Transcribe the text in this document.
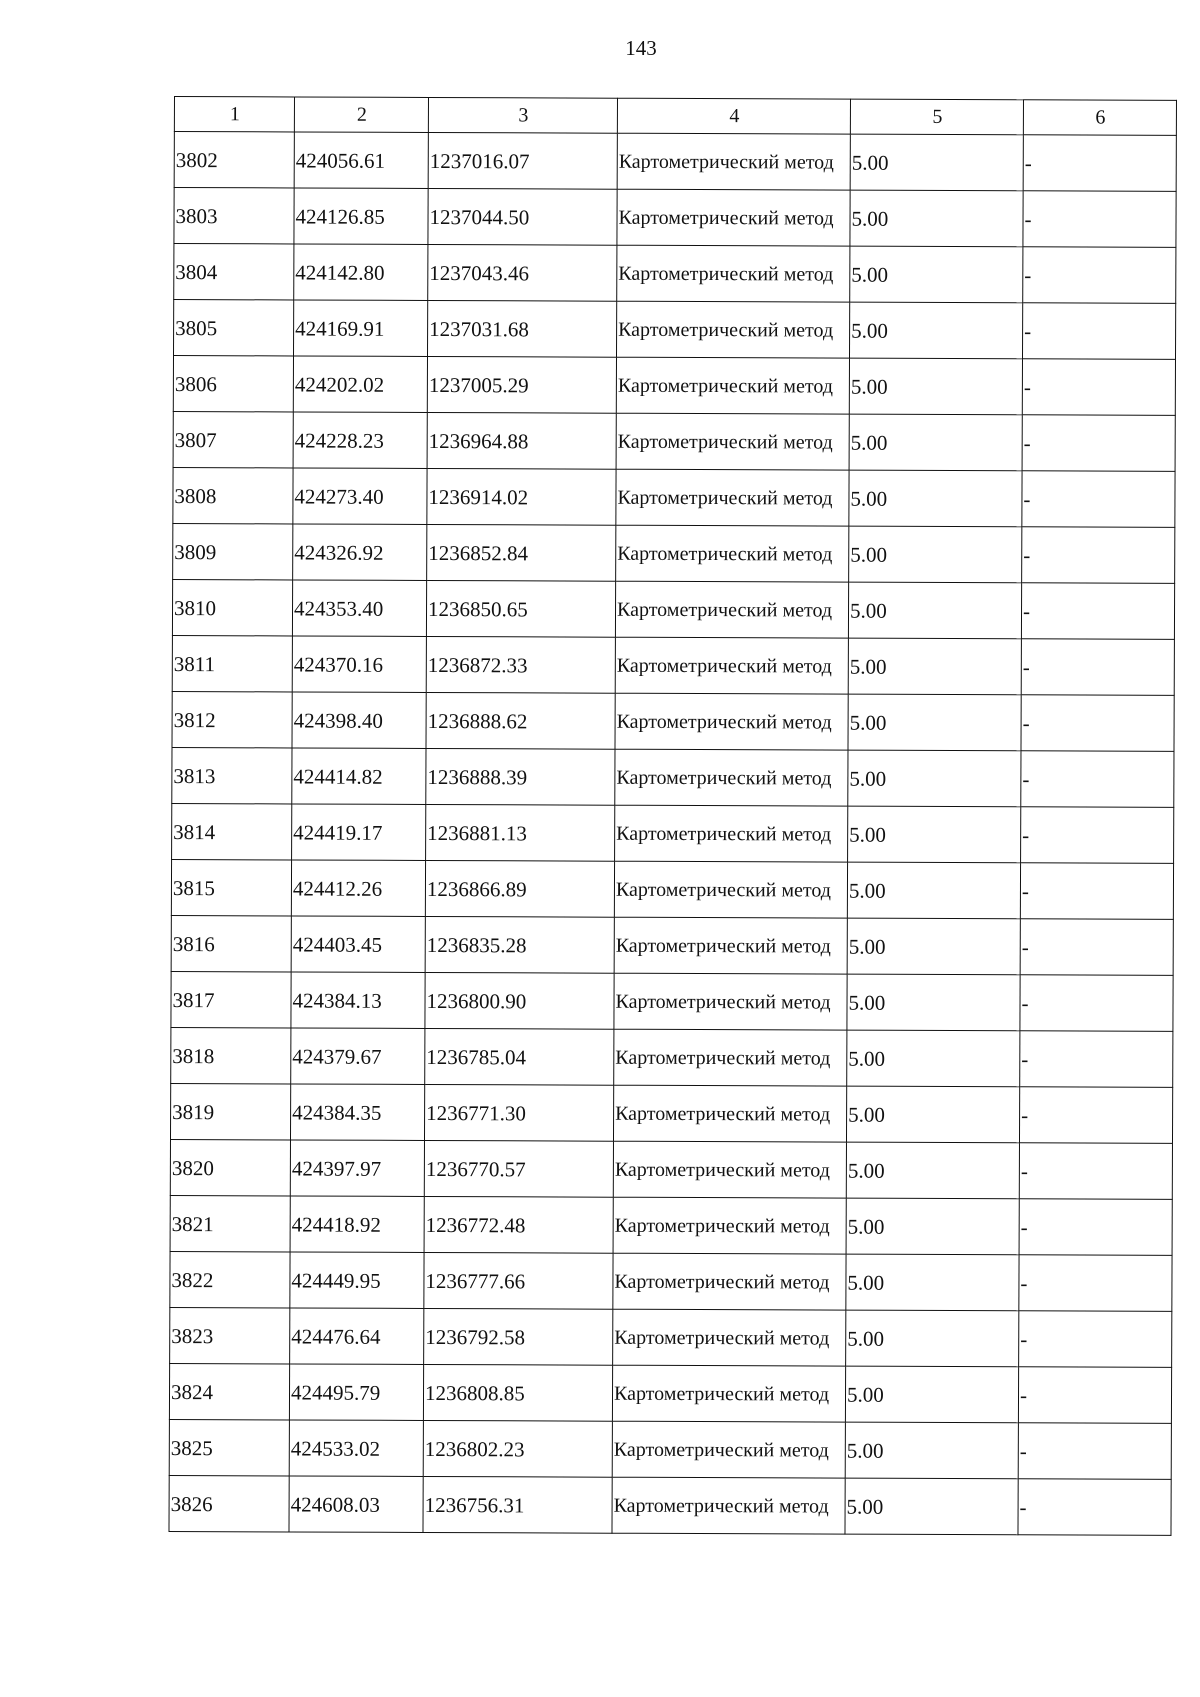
143
1	2	3	4	5	6
3802	424056.61	1237016.07	Картометрический метод	5.00	-
3803	424126.85	1237044.50	Картометрический метод	5.00	-
3804	424142.80	1237043.46	Картометрический метод	5.00	-
3805	424169.91	1237031.68	Картометрический метод	5.00	-
3806	424202.02	1237005.29	Картометрический метод	5.00	-
3807	424228.23	1236964.88	Картометрический метод	5.00	-
3808	424273.40	1236914.02	Картометрический метод	5.00	-
3809	424326.92	1236852.84	Картометрический метод	5.00	-
3810	424353.40	1236850.65	Картометрический метод	5.00	-
3811	424370.16	1236872.33	Картометрический метод	5.00	-
3812	424398.40	1236888.62	Картометрический метод	5.00	-
3813	424414.82	1236888.39	Картометрический метод	5.00	-
3814	424419.17	1236881.13	Картометрический метод	5.00	-
3815	424412.26	1236866.89	Картометрический метод	5.00	-
3816	424403.45	1236835.28	Картометрический метод	5.00	-
3817	424384.13	1236800.90	Картометрический метод	5.00	-
3818	424379.67	1236785.04	Картометрический метод	5.00	-
3819	424384.35	1236771.30	Картометрический метод	5.00	-
3820	424397.97	1236770.57	Картометрический метод	5.00	-
3821	424418.92	1236772.48	Картометрический метод	5.00	-
3822	424449.95	1236777.66	Картометрический метод	5.00	-
3823	424476.64	1236792.58	Картометрический метод	5.00	-
3824	424495.79	1236808.85	Картометрический метод	5.00	-
3825	424533.02	1236802.23	Картометрический метод	5.00	-
3826	424608.03	1236756.31	Картометрический метод	5.00	-
